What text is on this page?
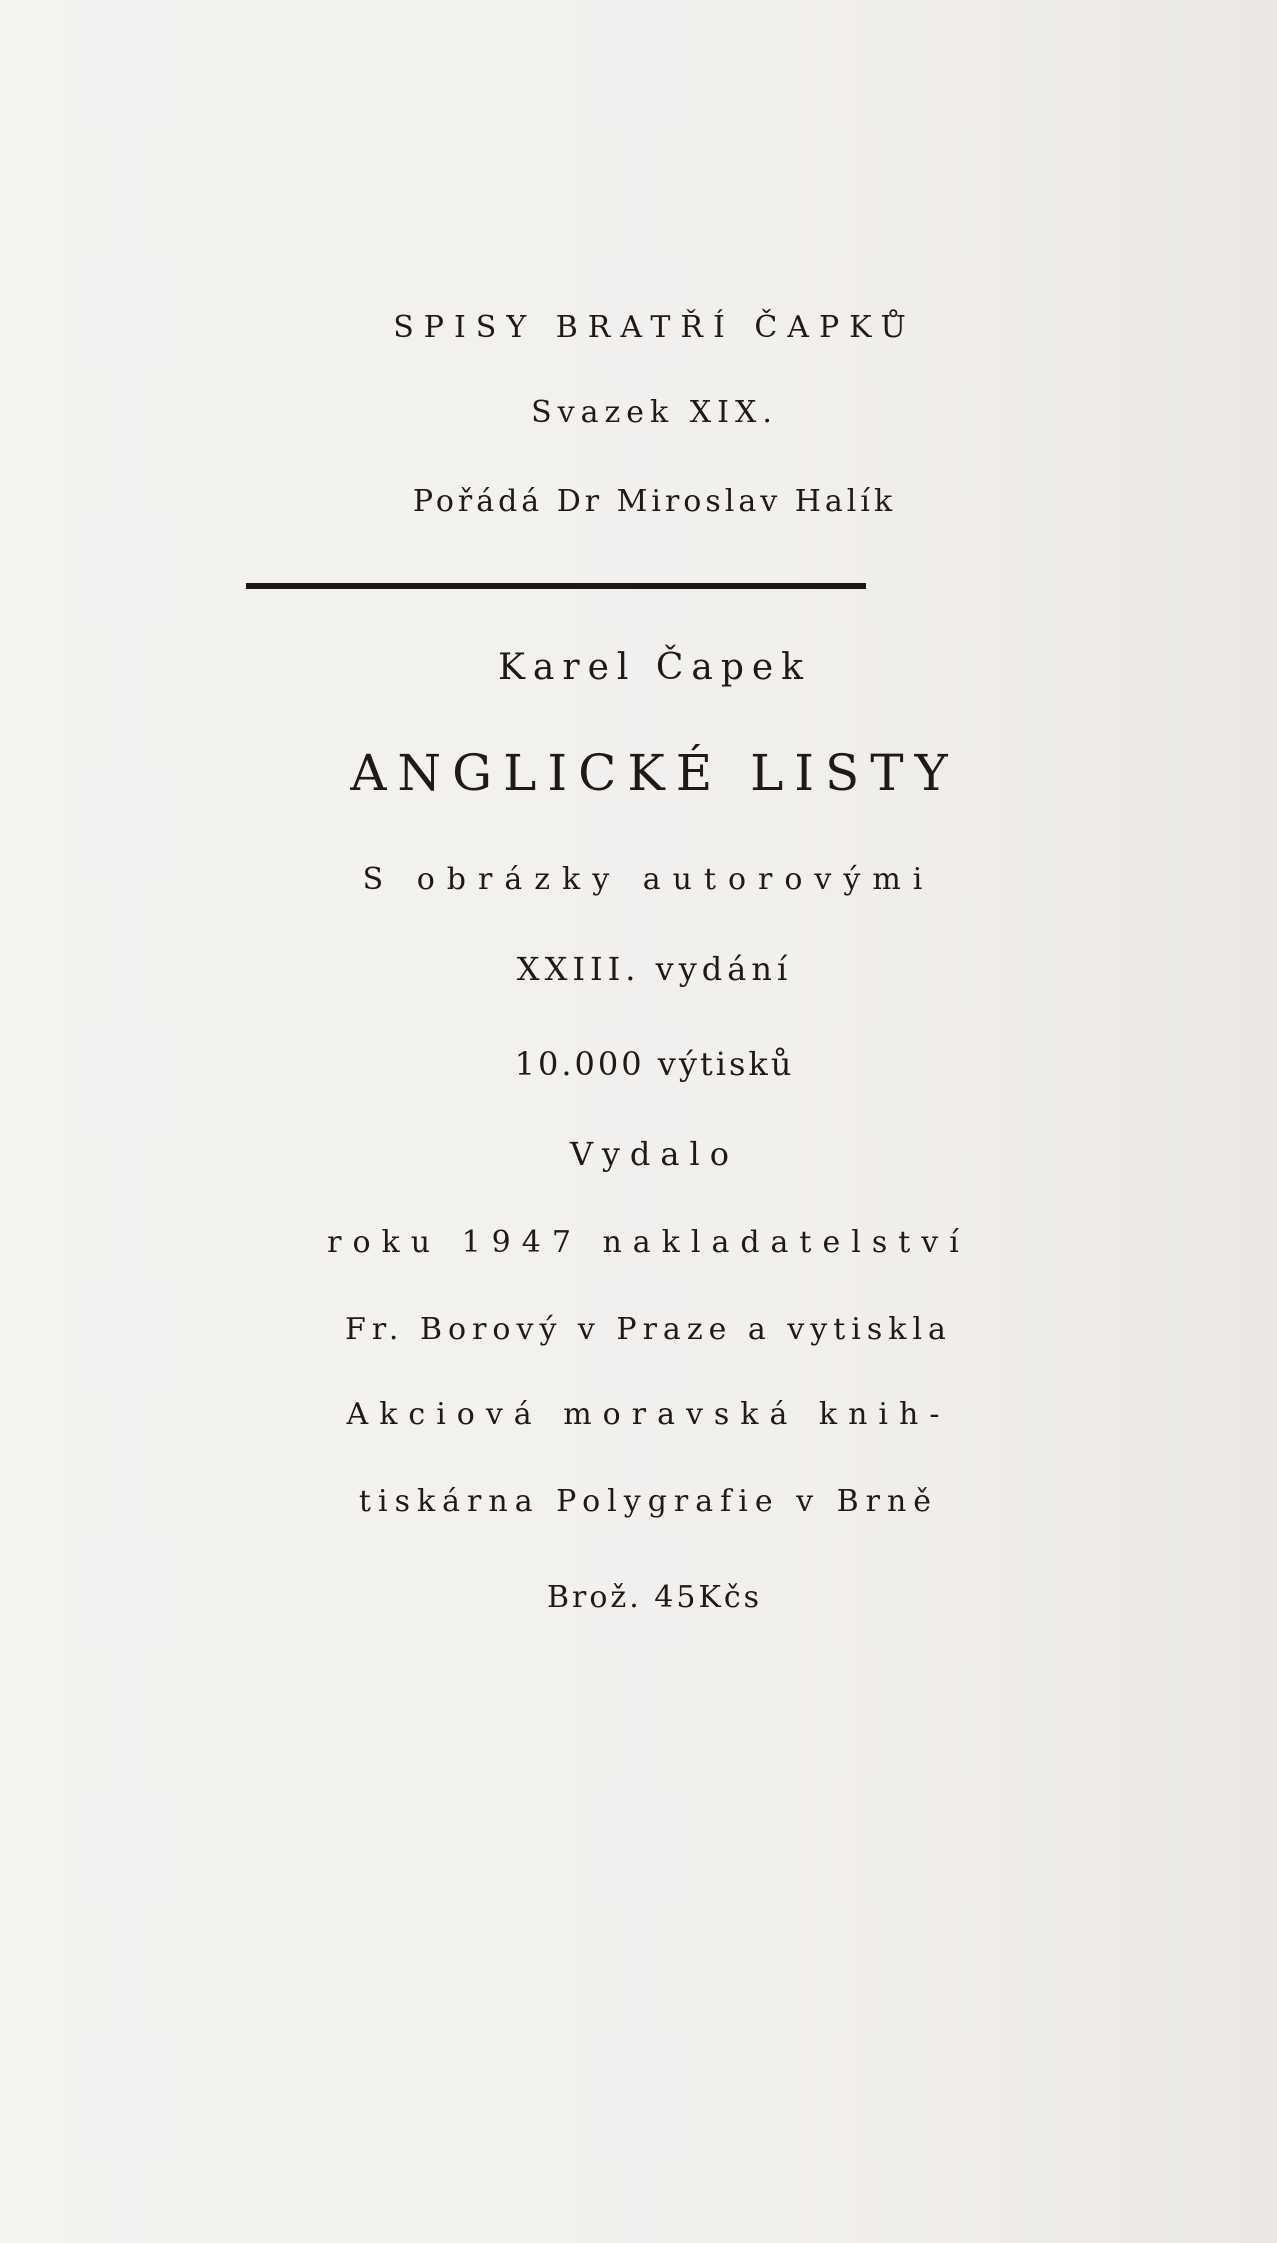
SPISY BRATŘÍ ČAPKŮ
Svazek XIX.
Pořádá Dr Miroslav Halík
Karel Čapek
ANGLICKÉ LISTY
S obrázky autorovými
XXIII. vydání
10.000 výtisků
Vydalo
roku 1947 nakladatelství
Fr. Borový v Praze a vytiskla
Akciová moravská knih-
tiskárna Polygrafie v Brně
Brož. 45Kčs
